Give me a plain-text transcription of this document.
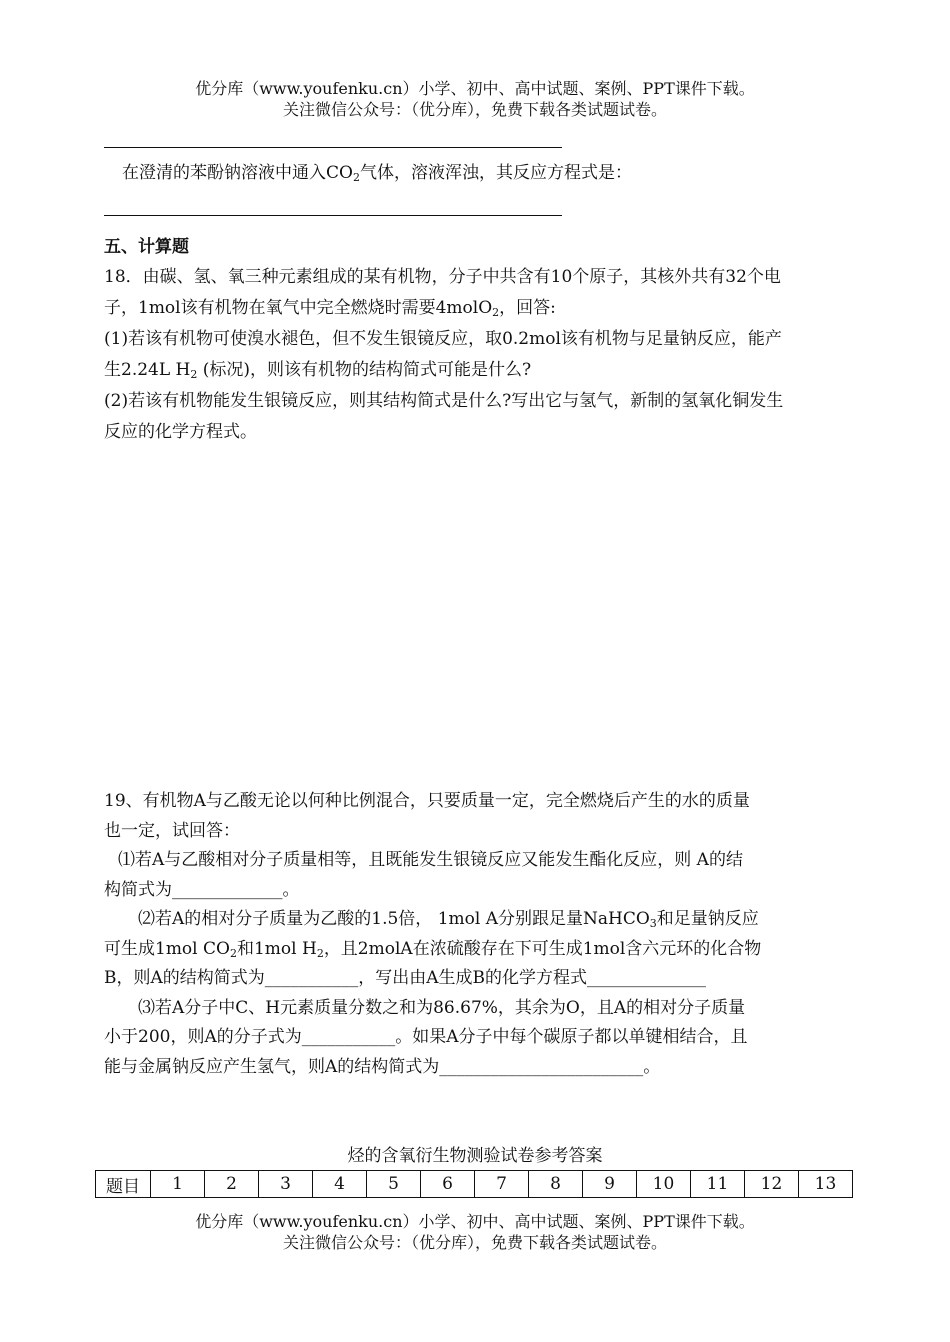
优分库（www.youfenku.cn）小学、初中、高中试题、案例、PPT课件下载。
关注微信公众号：（优分库），免费下载各类试题试卷。
在澄清的苯酚钠溶液中通入$CO_2$气体，溶液浑浊，其反应方程式是：
五、计算题
18．由碳、氢、氧三种元素组成的某有机物，分子中共含有10个原子，其核外共有32个电
子，1mol该有机物在氧气中完全燃烧时需要4molO$_2$，回答:
(1)若该有机物可使溴水褪色，但不发生银镜反应，取0.2mol该有机物与足量钠反应，能产
生2.24L $H_2$ (标况)，则该有机物的结构简式可能是什么?
(2)若该有机物能发生银镜反应，则其结构简式是什么?写出它与氢气，新制的氢氧化铜发生
反应的化学方程式。
19、有机物A与乙酸无论以何种比例混合，只要质量一定，完全燃烧后产生的水的质量
也一定，试回答：
⑴若A与乙酸相对分子质量相等，且既能发生银镜反应又能发生酯化反应，则 A的结
构简式为_____________。
⑵若A的相对分子质量为乙酸的1.5倍， 1mol A分别跟足量NaHCO$_3$和足量钠反应
可生成1mol $CO_2$和1mol $H_2$，且2molA在浓硫酸存在下可生成1mol含六元环的化合物
B，则A的结构简式为___________，写出由A生成B的化学方程式______________
⑶若A分子中C、H元素质量分数之和为86.67%，其余为O，且A的相对分子质量
小于200，则A的分子式为___________。如果A分子中每个碳原子都以单键相结合，且
能与金属钠反应产生氢气，则A的结构简式为________________________。
烃的含氧衍生物测验试卷参考答案
题目	1	2	3	4	5	6	7	8	9	10	11	12	13
优分库（www.youfenku.cn）小学、初中、高中试题、案例、PPT课件下载。
关注微信公众号：（优分库），免费下载各类试题试卷。
